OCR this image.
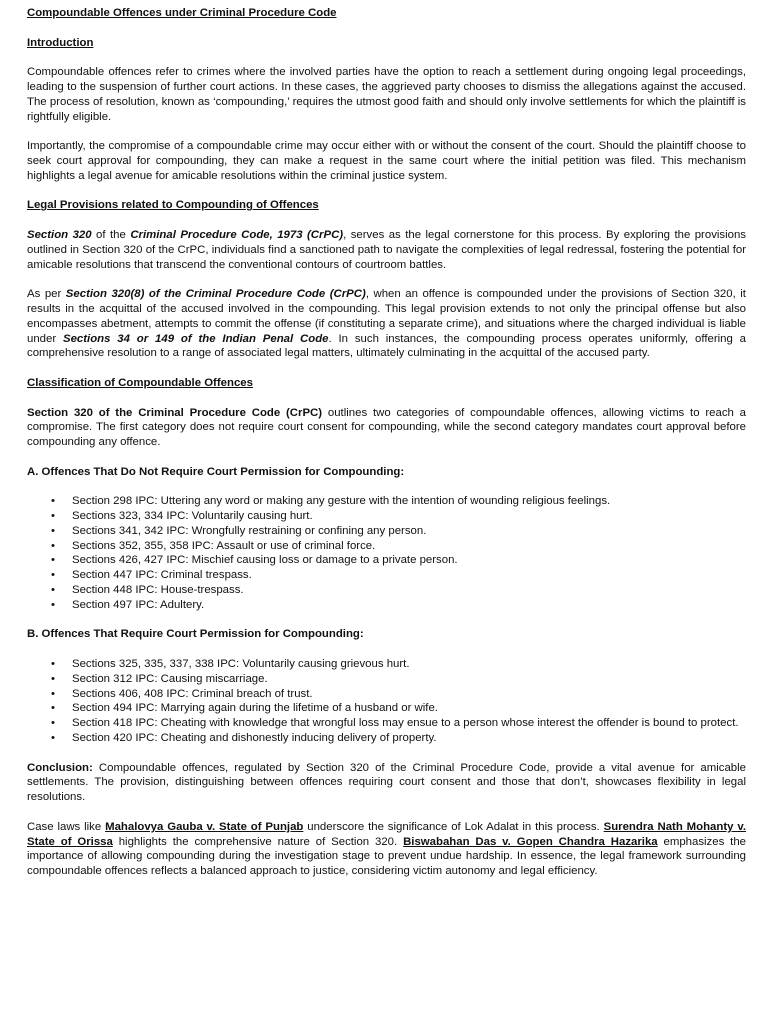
Compoundable Offences under Criminal Procedure Code

Introduction

Compoundable offences refer to crimes where the involved parties have the option to reach a settlement during ongoing legal proceedings, leading to the suspension of further court actions. In these cases, the aggrieved party chooses to dismiss the allegations against the accused. The process of resolution, known as ‘compounding,’ requires the utmost good faith and should only involve settlements for which the plaintiff is rightfully eligible.

Importantly, the compromise of a compoundable crime may occur either with or without the consent of the court. Should the plaintiff choose to seek court approval for compounding, they can make a request in the same court where the initial petition was filed. This mechanism highlights a legal avenue for amicable resolutions within the criminal justice system.

Legal Provisions related to Compounding of Offences

Section 320 of the Criminal Procedure Code, 1973 (CrPC), serves as the legal cornerstone for this process. By exploring the provisions outlined in Section 320 of the CrPC, individuals find a sanctioned path to navigate the complexities of legal redressal, fostering the potential for amicable resolutions that transcend the conventional contours of courtroom battles.

As per Section 320(8) of the Criminal Procedure Code (CrPC), when an offence is compounded under the provisions of Section 320, it results in the acquittal of the accused involved in the compounding. This legal provision extends to not only the principal offense but also encompasses abetment, attempts to commit the offense (if constituting a separate crime), and situations where the charged individual is liable under Sections 34 or 149 of the Indian Penal Code. In such instances, the compounding process operates uniformly, offering a comprehensive resolution to a range of associated legal matters, ultimately culminating in the acquittal of the accused party.

Classification of Compoundable Offences

Section 320 of the Criminal Procedure Code (CrPC) outlines two categories of compoundable offences, allowing victims to reach a compromise. The first category does not require court consent for compounding, while the second category mandates court approval before compounding any offence.

A. Offences That Do Not Require Court Permission for Compounding:

• Section 298 IPC: Uttering any word or making any gesture with the intention of wounding religious feelings.
• Sections 323, 334 IPC: Voluntarily causing hurt.
• Sections 341, 342 IPC: Wrongfully restraining or confining any person.
• Sections 352, 355, 358 IPC: Assault or use of criminal force.
• Sections 426, 427 IPC: Mischief causing loss or damage to a private person.
• Section 447 IPC: Criminal trespass.
• Section 448 IPC: House-trespass.
• Section 497 IPC: Adultery.

B. Offences That Require Court Permission for Compounding:

• Sections 325, 335, 337, 338 IPC: Voluntarily causing grievous hurt.
• Section 312 IPC: Causing miscarriage.
• Sections 406, 408 IPC: Criminal breach of trust.
• Section 494 IPC: Marrying again during the lifetime of a husband or wife.
• Section 418 IPC: Cheating with knowledge that wrongful loss may ensue to a person whose interest the offender is bound to protect.
• Section 420 IPC: Cheating and dishonestly inducing delivery of property.

Conclusion: Compoundable offences, regulated by Section 320 of the Criminal Procedure Code, provide a vital avenue for amicable settlements. The provision, distinguishing between offences requiring court consent and those that don’t, showcases flexibility in legal resolutions.

Case laws like Mahalovya Gauba v. State of Punjab underscore the significance of Lok Adalat in this process. Surendra Nath Mohanty v. State of Orissa highlights the comprehensive nature of Section 320. Biswabahan Das v. Gopen Chandra Hazarika emphasizes the importance of allowing compounding during the investigation stage to prevent undue hardship. In essence, the legal framework surrounding compoundable offences reflects a balanced approach to justice, considering victim autonomy and legal efficiency.
